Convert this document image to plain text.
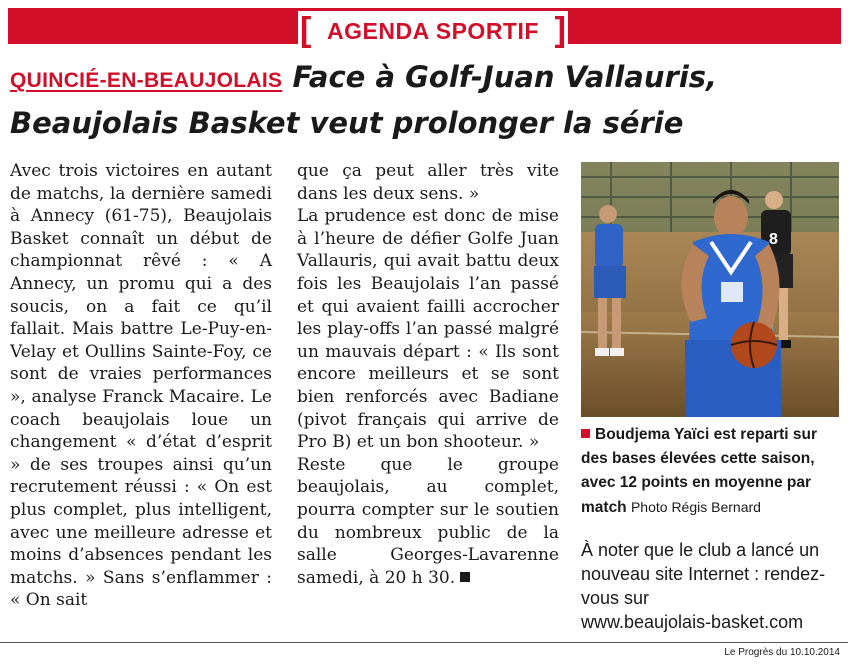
[ AGENDA SPORTIF ]
QUINCIÉ-EN-BEAUJOLAIS Face à Golf-Juan Vallauris,
Beaujolais Basket veut prolonger la série

Avec trois victoires en autant de matchs, la dernière samedi à Annecy (61-75), Beaujolais Basket connaît un début de championnat rêvé : « A Annecy, un promu qui a des soucis, on a fait ce qu’il fallait. Mais battre Le-Puy-en-Velay et Oullins Sainte-Foy, ce sont de vraies performances », analyse Franck Macaire. Le coach beaujolais loue un changement « d’état d’esprit » de ses troupes ainsi qu’un recrutement réussi : « On est plus complet, plus intelligent, avec une meilleure adresse et moins d’absences pendant les matchs. » Sans s’enflammer : « On sait

que ça peut aller très vite dans les deux sens. »

La prudence est donc de mise à l’heure de défier Golfe Juan Vallauris, qui avait battu deux fois les Beaujolais l’an passé et qui avaient failli accrocher les play-offs l’an passé malgré un mauvais départ : « Ils sont encore meilleurs et se sont bien renforcés avec Badiane (pivot français qui arrive de Pro B) et un bon shooteur. »

Reste que le groupe beaujolais, au complet, pourra compter sur le soutien du nombreux public de la salle Georges-Lavarenne samedi, à 20 h 30.

8
Boudjema Yaïci est reparti sur des bases élevées cette saison, avec 12 points en moyenne par match Photo Régis Bernard
À noter que le club a lancé un nouveau site Internet : rendez-vous sur
www.beaujolais-basket.com
Le Progrès du 10.10.2014
